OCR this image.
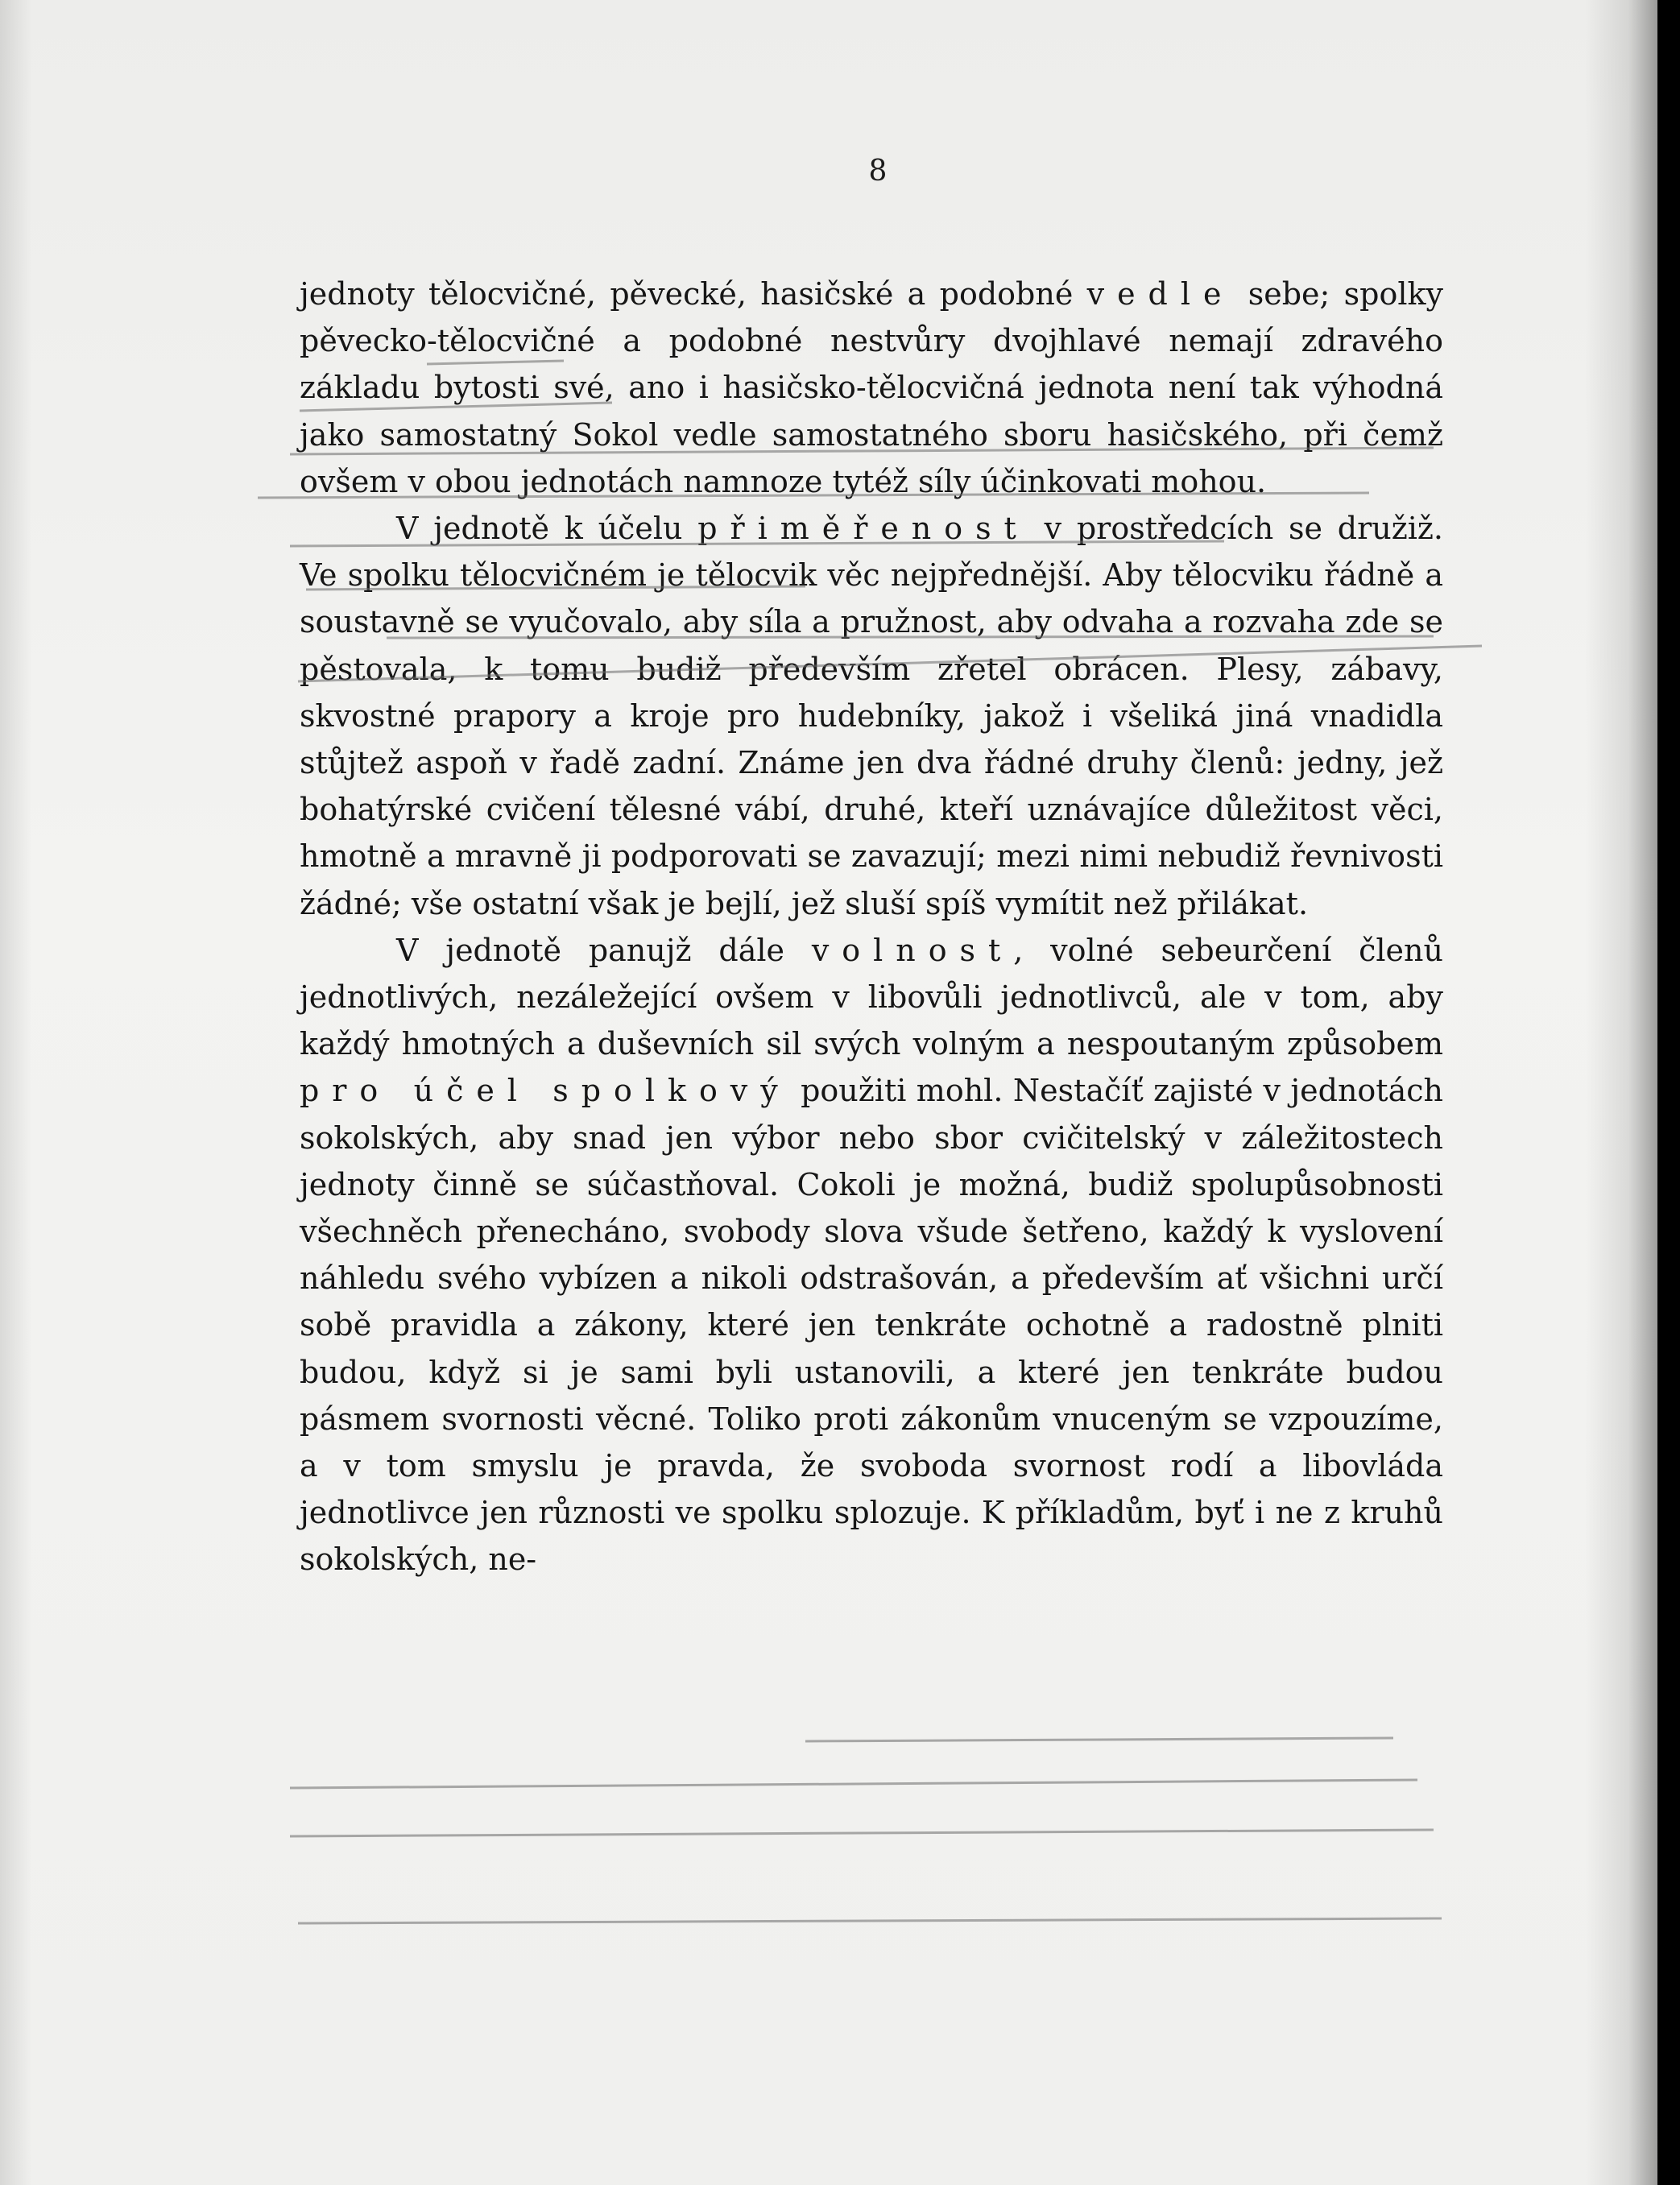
8

jednoty tělocvičné, pěvecké, hasičské a podobné vedle sebe; spolky pěvecko-tělocvičné a podobné nestvůry dvojhlavé nemají zdravého základu bytosti své, ano i hasičsko-tělocvičná jednota není tak výhodná jako samostatný Sokol vedle samostatného sboru hasičského, při čemž ovšem v obou jednotách namnoze tytéž síly účinkovati mohou.

V jednotě k účelu přiměřenost v prostředcích se družiž. Ve spolku tělocvičném je tělocvik věc nejpřednější. Aby tělocviku řádně a soustavně se vyučovalo, aby síla a pružnost, aby odvaha a rozvaha zde se pěstovala, k tomu budiž především zřetel obrácen. Plesy, zábavy, skvostné prapory a kroje pro hudebníky, jakož i všeliká jiná vnadidla stůjtež aspoň v řadě zadní. Známe jen dva řádné druhy členů: jedny, jež bohatýrské cvičení tělesné vábí, druhé, kteří uznávajíce důležitost věci, hmotně a mravně ji podporovati se zavazují; mezi nimi nebudiž řevnivosti žádné; vše ostatní však je bejlí, jež sluší spíš vymítit než přilákat.

V jednotě panujž dále volnost, volné sebeurčení členů jednotlivých, nezáležející ovšem v libovůli jednotlivců, ale v tom, aby každý hmotných a duševních sil svých volným a nespoutaným způsobem pro účel spolkový použiti mohl. Nestačíť zajisté v jednotách sokolských, aby snad jen výbor nebo sbor cvičitelský v záležitostech jednoty činně se súčastňoval. Cokoli je možná, budiž spolupůsobnosti všechněch přenecháno, svobody slova všude šetřeno, každý k vyslovení náhledu svého vybízen a nikoli odstrašován, a především ať všichni určí sobě pravidla a zákony, které jen tenkráte ochotně a radostně plniti budou, když si je sami byli ustanovili, a které jen tenkráte budou pásmem svornosti věcné. Toliko proti zákonům vnuceným se vzpouzíme, a v tom smyslu je pravda, že svoboda svornost rodí a libovláda jednotlivce jen různosti ve spolku splozuje. K příkladům, byť i ne z kruhů sokolských, ne-
